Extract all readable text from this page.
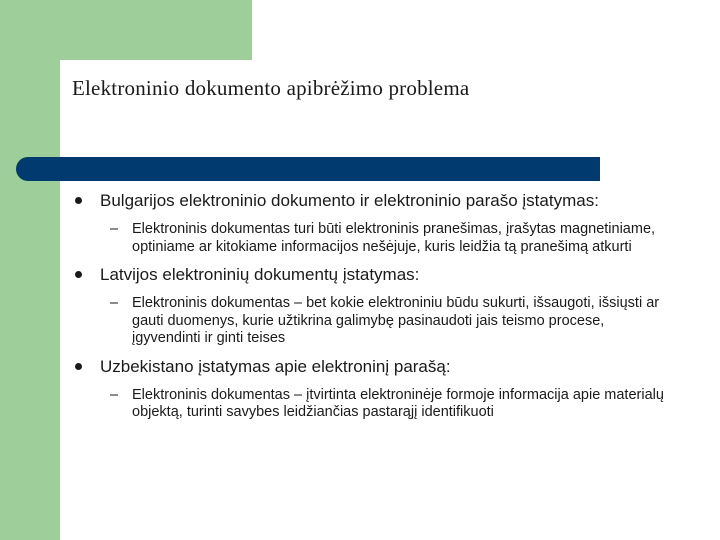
Elektroninio dokumento apibrėžimo problema
Bulgarijos elektroninio dokumento ir elektroninio parašo įstatymas:
– Elektroninis dokumentas turi būti elektroninis pranešimas, įrašytas magnetiniame, optiniame ar kitokiame informacijos nešėjuje, kuris leidžia tą pranešimą atkurti
Latvijos elektroninių dokumentų įstatymas:
– Elektroninis dokumentas – bet kokie elektroniniu būdu sukurti, išsaugoti, išsiųsti ar gauti duomenys, kurie užtikrina galimybę pasinaudoti jais teismo procese, įgyvendinti ir ginti teises
Uzbekistano įstatymas apie elektroninį parašą:
– Elektroninis dokumentas – įtvirtinta elektroninėje formoje informacija apie materialų objektą, turinti savybes leidžiančias pastarąjį identifikuoti
